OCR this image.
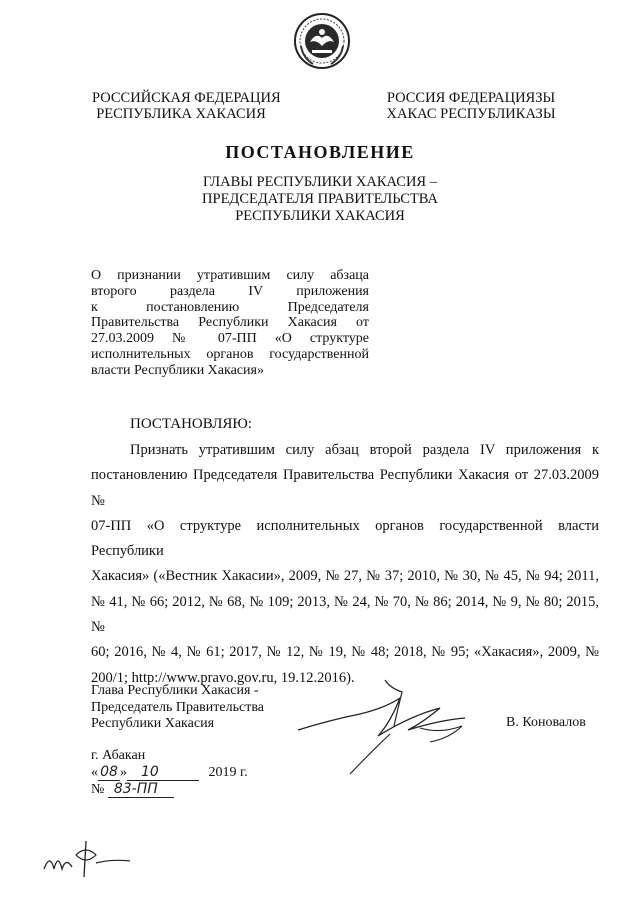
РОССИЙСКАЯ ФЕДЕРАЦИЯ
РЕСПУБЛИКА ХАКАСИЯ
РОССИЯ ФЕДЕРАЦИЯЗЫ
ХАКАС РЕСПУБЛИКАЗЫ
ПОСТАНОВЛЕНИЕ
ГЛАВЫ РЕСПУБЛИКИ ХАКАСИЯ –
ПРЕДСЕДАТЕЛЯ ПРАВИТЕЛЬСТВА
РЕСПУБЛИКИ ХАКАСИЯ
О признании утратившим силу абзаца
второго раздела IV приложения
к постановлению Председателя
Правительства Республики Хакасия от
27.03.2009 № 07-ПП «О структуре
исполнительных органов государственной
власти Республики Хакасия»
ПОСТАНОВЛЯЮ:
Признать утратившим силу абзац второй раздела IV приложения к
постановлению Председателя Правительства Республики Хакасия от 27.03.2009 №
07-ПП «О структуре исполнительных органов государственной власти Республики
Хакасия» («Вестник Хакасии», 2009, № 27, № 37; 2010, № 30, № 45, № 94; 2011,
№ 41, № 66; 2012, № 68, № 109; 2013, № 24, № 70, № 86; 2014, № 9, № 80; 2015, №
60; 2016, № 4, № 61; 2017, № 12, № 19, № 48; 2018, № 95; «Хакасия», 2009, №
200/1; http://www.pravo.gov.ru, 19.12.2016).
Глава Республики Хакасия -
Председатель Правительства
Республики Хакасия	В. Коновалов
г. Абакан
« 08 » 10	2019 г.
№ 83-ПП
